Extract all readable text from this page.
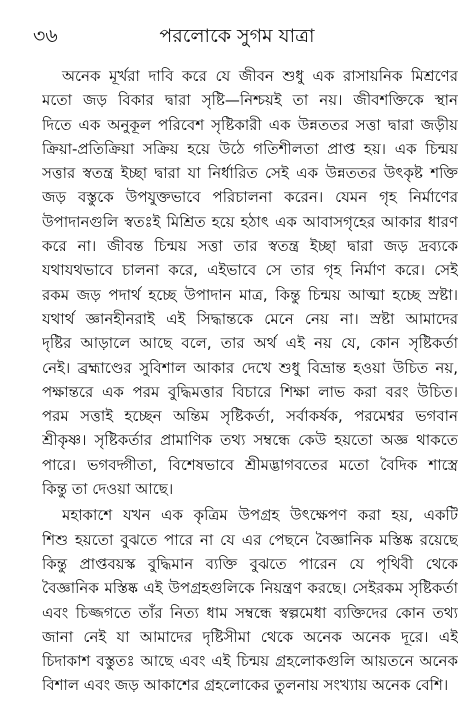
৩৬	পরলোকে সুগম যাত্রা

অনেক মূর্খরা দাবি করে যে জীবন শুধু এক রাসায়নিক মিশ্রণের
মতো জড় বিকার দ্বারা সৃষ্টি—নিশ্চয়ই তা নয়। জীবশক্তিকে স্থান
দিতে এক অনুকূল পরিবেশ সৃষ্টিকারী এক উন্নততর সত্তা দ্বারা জড়ীয়
ক্রিয়া-প্রতিক্রিয়া সক্রিয় হয়ে উঠে গতিশীলতা প্রাপ্ত হয়। এক চিন্ময়
সত্তার স্বতন্ত্র ইচ্ছা দ্বারা যা নির্ধারিত সেই এক উন্নততর উৎকৃষ্ট শক্তি
জড় বস্তুকে উপযুক্তভাবে পরিচালনা করেন। যেমন গৃহ নির্মাণের
উপাদানগুলি স্বতঃই মিশ্রিত হয়ে হঠাৎ এক আবাসগৃহের আকার ধারণ
করে না। জীবন্ত চিন্ময় সত্তা তার স্বতন্ত্র ইচ্ছা দ্বারা জড় দ্রব্যকে
যথাযথভাবে চালনা করে, এইভাবে সে তার গৃহ নির্মাণ করে। সেই
রকম জড় পদার্থ হচ্ছে উপাদান মাত্র, কিন্তু চিন্ময় আত্মা হচ্ছে স্রষ্টা।
যথার্থ জ্ঞানহীনরাই এই সিদ্ধান্তকে মেনে নেয় না। স্রষ্টা আমাদের
দৃষ্টির আড়ালে আছে বলে, তার অর্থ এই নয় যে, কোন সৃষ্টিকর্তা
নেই। ব্রহ্মাণ্ডের সুবিশাল আকার দেখে শুধু বিভ্রান্ত হওয়া উচিত নয়,
পক্ষান্তরে এক পরম বুদ্ধিমত্তার বিচারে শিক্ষা লাভ করা বরং উচিত।
পরম সত্তাই হচ্ছেন অন্তিম সৃষ্টিকর্তা, সর্বাকর্ষক, পরমেশ্বর ভগবান
শ্রীকৃষ্ণ। সৃষ্টিকর্তার প্রামাণিক তথ্য সম্বন্ধে কেউ হয়তো অজ্ঞ থাকতে
পারে। ভগবদ্গীতা, বিশেষভাবে শ্রীমদ্ভাগবতের মতো বৈদিক শাস্ত্রে
কিন্তু তা দেওয়া আছে।

মহাকাশে যখন এক কৃত্রিম উপগ্রহ উৎক্ষেপণ করা হয়, একটি
শিশু হয়তো বুঝতে পারে না যে এর পেছনে বৈজ্ঞানিক মস্তিষ্ক রয়েছে
কিন্তু প্রাপ্তবয়স্ক বুদ্ধিমান ব্যক্তি বুঝতে পারেন যে পৃথিবী থেকে
বৈজ্ঞানিক মস্তিষ্ক এই উপগ্রহগুলিকে নিয়ন্ত্রণ করছে। সেইরকম সৃষ্টিকর্তা
এবং চিজ্জগতে তাঁর নিত্য ধাম সম্বন্ধে স্বল্পমেধা ব্যক্তিদের কোন তথ্য
জানা নেই যা আমাদের দৃষ্টিসীমা থেকে অনেক অনেক দূরে। এই
চিদাকাশ বস্তুতঃ আছে এবং এই চিন্ময় গ্রহলোকগুলি আয়তনে অনেক
বিশাল এবং জড় আকাশের গ্রহলোকের তুলনায় সংখ্যায় অনেক বেশি।
